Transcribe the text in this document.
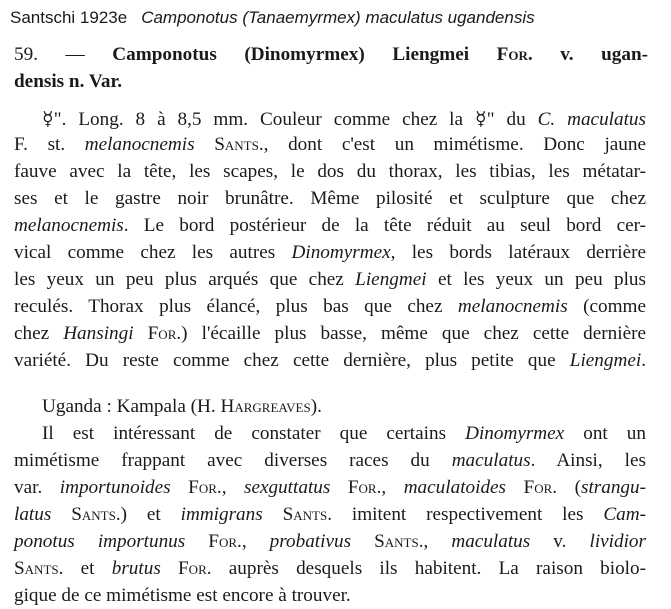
Santschi 1923e Camponotus (Tanaemyrmex) maculatus ugandensis
59. — Camponotus (Dinomyrmex) Liengmei For. v. ugan-
densis n. Var.
☿". Long. 8 à 8,5 mm. Couleur comme chez la ☿" du C. maculatus
F. st. melanocnemis Sants., dont c'est un mimétisme. Donc jaune
fauve avec la tête, les scapes, le dos du thorax, les tibias, les métatar-
ses et le gastre noir brunâtre. Même pilosité et sculpture que chez
melanocnemis. Le bord postérieur de la tête réduit au seul bord cer-
vical comme chez les autres Dinomyrmex, les bords latéraux derrière
les yeux un peu plus arqués que chez Liengmei et les yeux un peu plus
reculés. Thorax plus élancé, plus bas que chez melanocnemis (comme
chez Hansingi For.) l'écaille plus basse, même que chez cette dernière
variété. Du reste comme chez cette dernière, plus petite que Liengmei.
Uganda : Kampala (H. Hargreaves).
Il est intéressant de constater que certains Dinomyrmex ont un
mimétisme frappant avec diverses races du maculatus. Ainsi, les
var. importunoides For., sexguttatus For., maculatoides For. (strangu-
latus Sants.) et immigrans Sants. imitent respectivement les Cam-
ponotus importunus For., probativus Sants., maculatus v. lividior
Sants. et brutus For. auprès desquels ils habitent. La raison biolo-
gique de ce mimétisme est encore à trouver.
